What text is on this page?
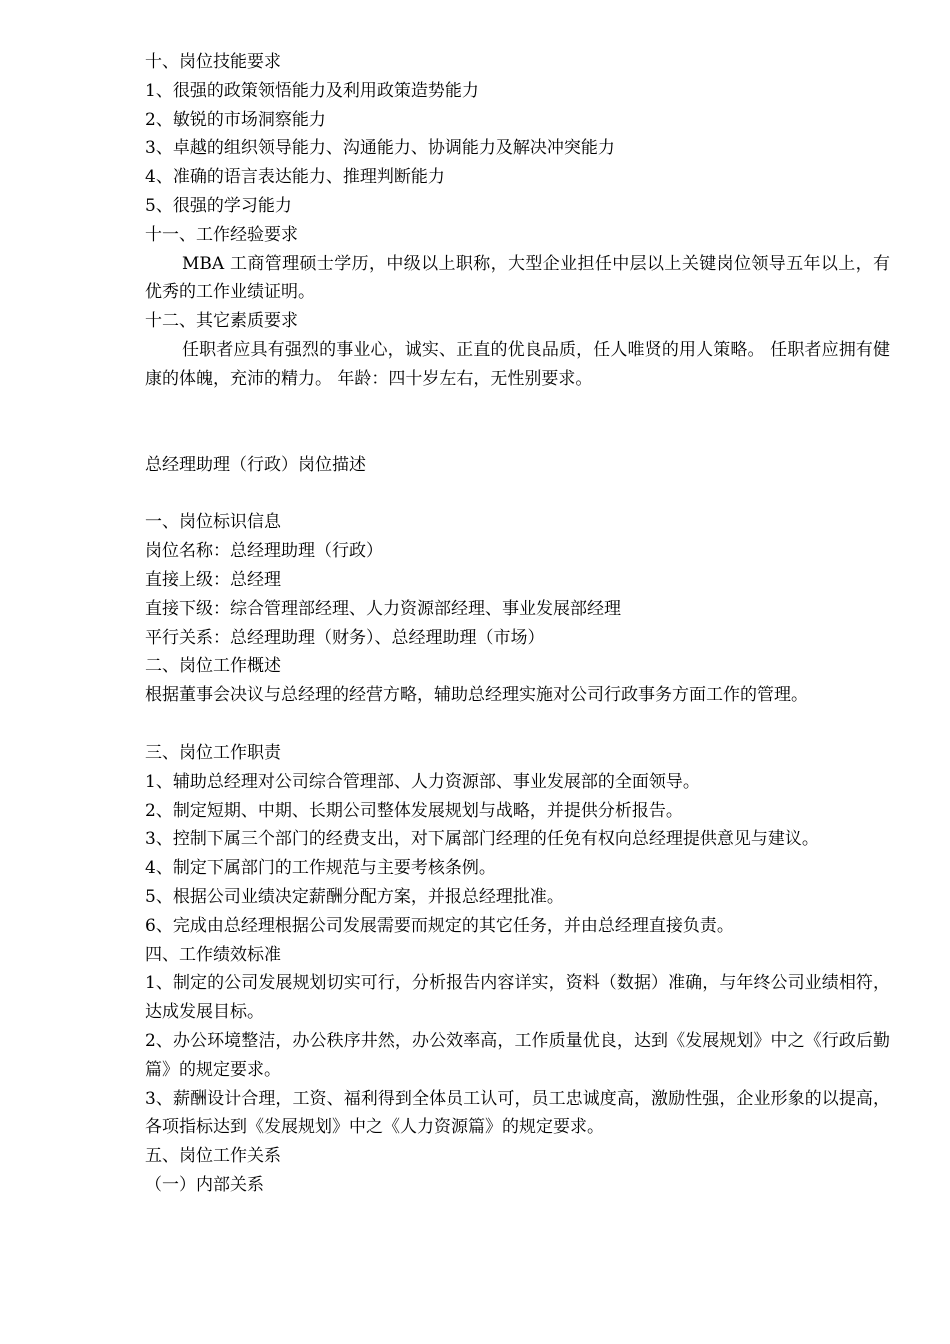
十、岗位技能要求
1、很强的政策领悟能力及利用政策造势能力
2、敏锐的市场洞察能力
3、卓越的组织领导能力、沟通能力、协调能力及解决冲突能力
4、准确的语言表达能力、推理判断能力
5、很强的学习能力
十一、工作经验要求
MBA 工商管理硕士学历，中级以上职称，大型企业担任中层以上关键岗位领导五年以上，有优秀的工作业绩证明。
十二、其它素质要求
任职者应具有强烈的事业心，诚实、正直的优良品质，任人唯贤的用人策略。 任职者应拥有健康的体魄，充沛的精力。 年龄：四十岁左右，无性别要求。
总经理助理（行政）岗位描述
一、岗位标识信息
岗位名称：总经理助理（行政）
直接上级：总经理
直接下级：综合管理部经理、人力资源部经理、事业发展部经理
平行关系：总经理助理（财务）、总经理助理（市场）
二、岗位工作概述
根据董事会决议与总经理的经营方略，辅助总经理实施对公司行政事务方面工作的管理。
三、岗位工作职责
1、辅助总经理对公司综合管理部、人力资源部、事业发展部的全面领导。
2、制定短期、中期、长期公司整体发展规划与战略，并提供分析报告。
3、控制下属三个部门的经费支出，对下属部门经理的任免有权向总经理提供意见与建议。
4、制定下属部门的工作规范与主要考核条例。
5、根据公司业绩决定薪酬分配方案，并报总经理批准。
6、完成由总经理根据公司发展需要而规定的其它任务，并由总经理直接负责。
四、工作绩效标准
1、制定的公司发展规划切实可行，分析报告内容详实，资料（数据）准确，与年终公司业绩相符，达成发展目标。
2、办公环境整洁，办公秩序井然，办公效率高，工作质量优良，达到《发展规划》中之《行政后勤篇》的规定要求。
3、薪酬设计合理，工资、福利得到全体员工认可，员工忠诚度高，激励性强，企业形象的以提高，各项指标达到《发展规划》中之《人力资源篇》的规定要求。
五、岗位工作关系
（一）内部关系
